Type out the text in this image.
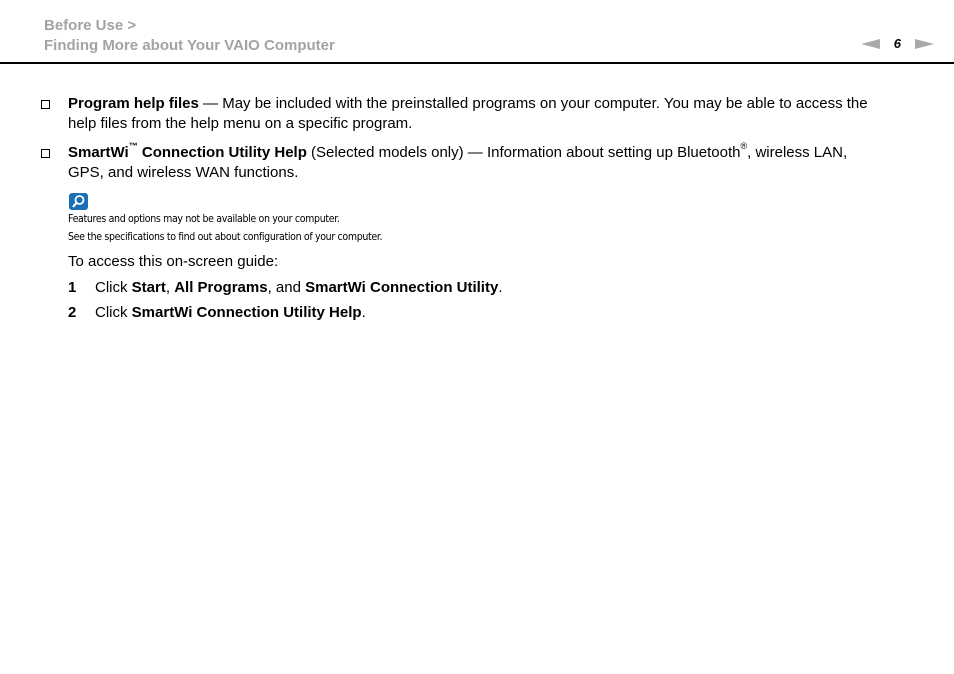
Before Use >
Finding More about Your VAIO Computer	6
Program help files — May be included with the preinstalled programs on your computer. You may be able to access the
help files from the help menu on a specific program.
SmartWi™ Connection Utility Help (Selected models only) — Information about setting up Bluetooth®, wireless LAN,
GPS, and wireless WAN functions.
Features and options may not be available on your computer.
See the specifications to find out about configuration of your computer.
To access this on-screen guide:
1 Click Start, All Programs, and SmartWi Connection Utility.
2 Click SmartWi Connection Utility Help.
